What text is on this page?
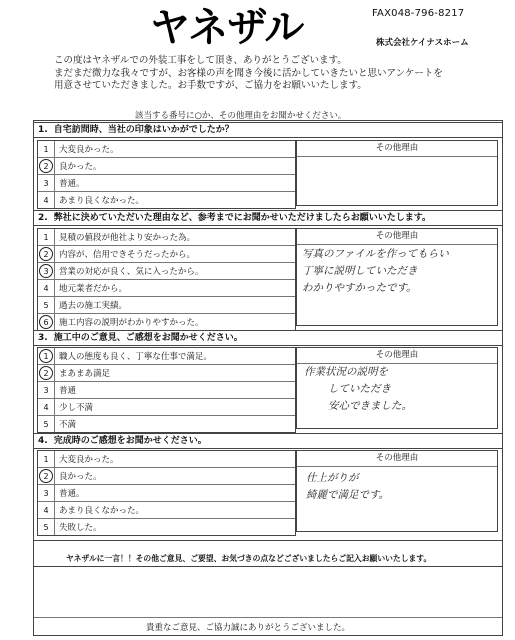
ヤネザル	FAX048-796-8217
株式会社ケイナスホーム
この度はヤネザルでの外装工事をして頂き、ありがとうございます。
まだまだ微力な我々ですが、お客様の声を聞き今後に活かしていきたいと思いアンケートを
用意させていただきました。お手数ですが、ご協力をお願いいたします。
該当する番号に○か、その他理由をお聞かせください。
1. 自宅訪問時、当社の印象はいかがでしたか？
1	大変良かった。
2	良かった。
3	普通。
4	あまり良くなかった。
その他理由
2. 弊社に決めていただいた理由など、参考までにお聞かせいただけましたらお願いいたします。
1	見積の値段が他社より安かった為。
2	内容が、信用できそうだったから。
3	営業の対応が良く、気に入ったから。
4	地元業者だから。
5	過去の施工実績。
6	施工内容の説明がわかりやすかった。
その他理由
写真のファイルを作ってもらい
丁寧に説明していただき
わかりやすかったです。
3. 施工中のご意見、ご感想をお聞かせください。
1	職人の態度も良く、丁寧な仕事で満足。
2	まあまあ満足
3	普通
4	少し不満
5	不満
その他理由
作業状況の説明を
していただき
安心できました。
4. 完成時のご感想をお聞かせください。
1	大変良かった。
2	良かった。
3	普通。
4	あまり良くなかった。
5	失敗した。
その他理由
仕上がりが
綺麗で満足です。
ヤネザルに一言！！その他ご意見、ご要望、お気づきの点などございましたらご記入お願いいたします。
貴重なご意見、ご協力誠にありがとうございました。
